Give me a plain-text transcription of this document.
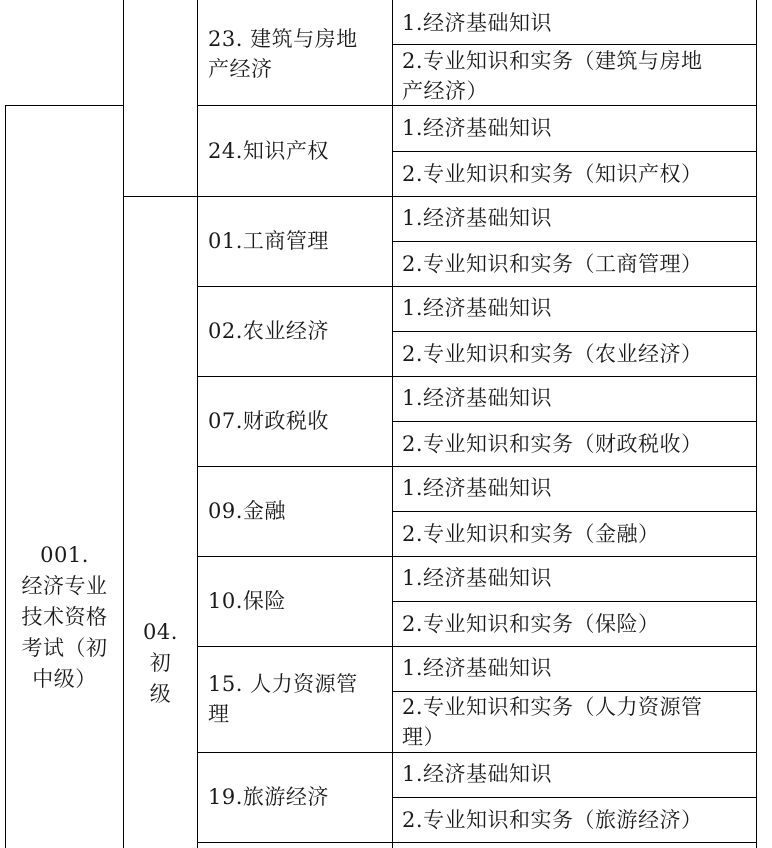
001.
经济专业
技术资格
考试（初
中级）
04.
初
级
23. 建筑与房地
产经济
1.经济基础知识
2.专业知识和实务（建筑与房地
产经济）
24.知识产权
1.经济基础知识
2.专业知识和实务（知识产权）
01.工商管理
1.经济基础知识
2.专业知识和实务（工商管理）
02.农业经济
1.经济基础知识
2.专业知识和实务（农业经济）
07.财政税收
1.经济基础知识
2.专业知识和实务（财政税收）
09.金融
1.经济基础知识
2.专业知识和实务（金融）
10.保险
1.经济基础知识
2.专业知识和实务（保险）
15. 人力资源管
理
1.经济基础知识
2.专业知识和实务（人力资源管
理）
19.旅游经济
1.经济基础知识
2.专业知识和实务（旅游经济）
